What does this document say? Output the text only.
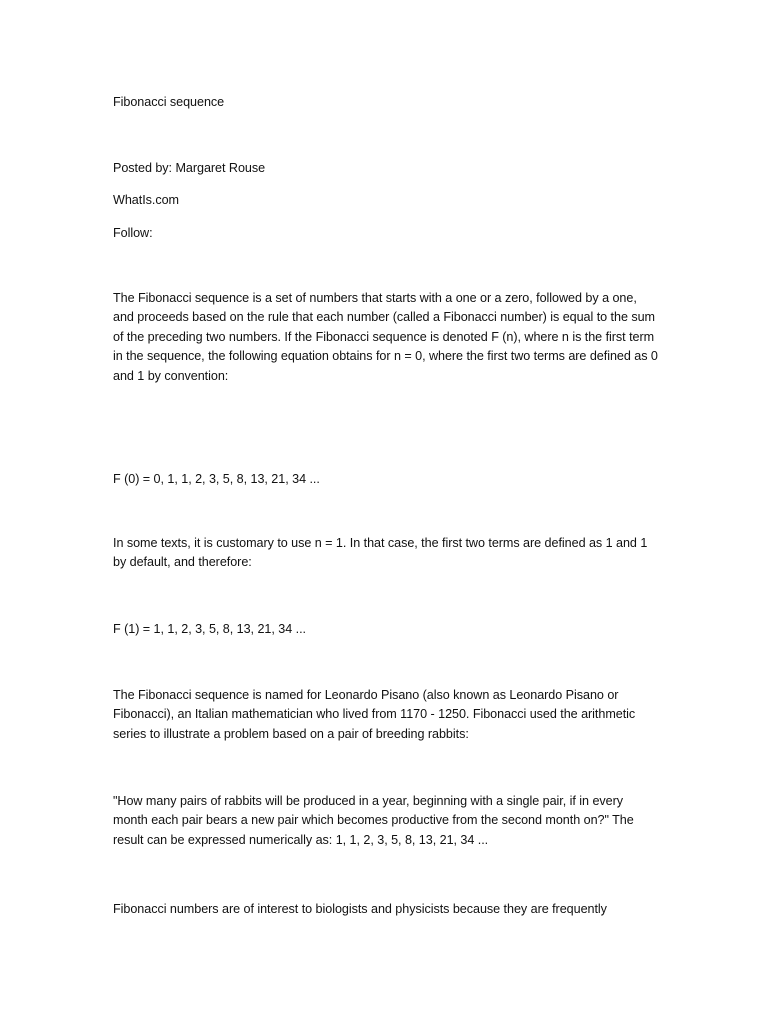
Fibonacci sequence
Posted by: Margaret Rouse
WhatIs.com
Follow:
The Fibonacci sequence is a set of numbers that starts with a one or a zero, followed by a one, and proceeds based on the rule that each number (called a Fibonacci number) is equal to the sum of the preceding two numbers. If the Fibonacci sequence is denoted F (n), where n is the first term in the sequence, the following equation obtains for n = 0, where the first two terms are defined as 0 and 1 by convention:
F (0) = 0, 1, 1, 2, 3, 5, 8, 13, 21, 34 ...
In some texts, it is customary to use n = 1. In that case, the first two terms are defined as 1 and 1 by default, and therefore:
F (1) = 1, 1, 2, 3, 5, 8, 13, 21, 34 ...
The Fibonacci sequence is named for Leonardo Pisano (also known as Leonardo Pisano or Fibonacci), an Italian mathematician who lived from 1170 - 1250. Fibonacci used the arithmetic series to illustrate a problem based on a pair of breeding rabbits:
"How many pairs of rabbits will be produced in a year, beginning with a single pair, if in every month each pair bears a new pair which becomes productive from the second month on?" The result can be expressed numerically as: 1, 1, 2, 3, 5, 8, 13, 21, 34 ...
Fibonacci numbers are of interest to biologists and physicists because they are frequently
